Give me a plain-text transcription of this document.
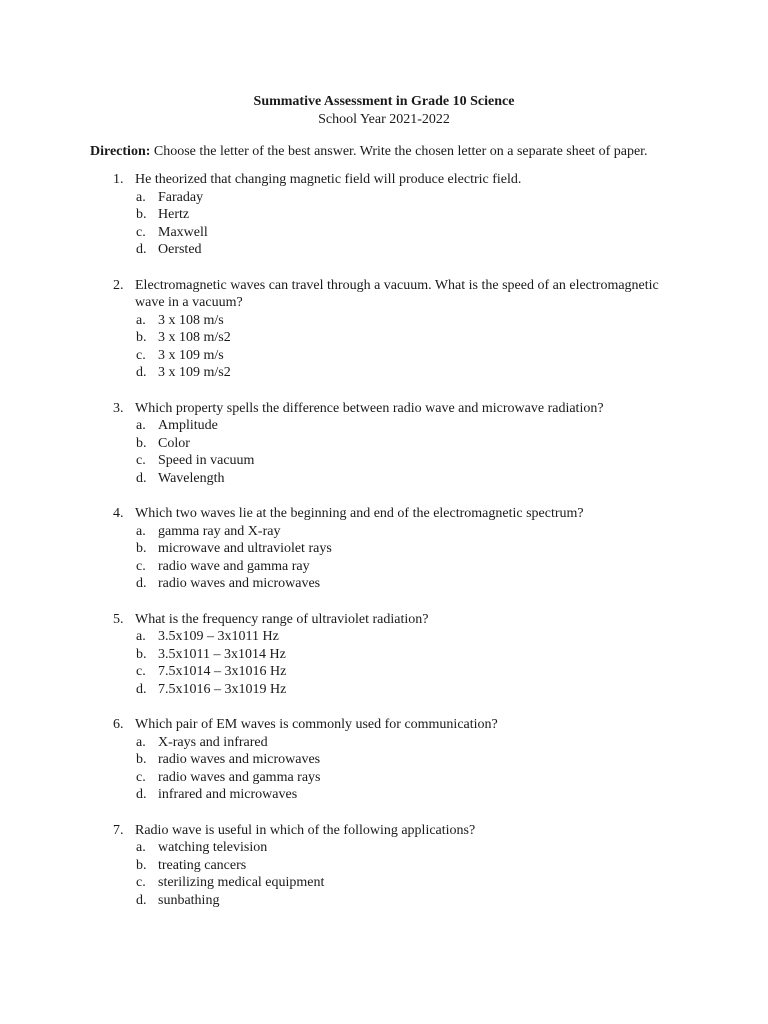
Summative Assessment in Grade 10 Science
School Year 2021-2022
Direction: Choose the letter of the best answer. Write the chosen letter on a separate sheet of paper.
1. He theorized that changing magnetic field will produce electric field.
a. Faraday
b. Hertz
c. Maxwell
d. Oersted
2. Electromagnetic waves can travel through a vacuum. What is the speed of an electromagnetic wave in a vacuum?
a. 3 x 108 m/s
b. 3 x 108 m/s2
c. 3 x 109 m/s
d. 3 x 109 m/s2
3. Which property spells the difference between radio wave and microwave radiation?
a. Amplitude
b. Color
c. Speed in vacuum
d. Wavelength
4. Which two waves lie at the beginning and end of the electromagnetic spectrum?
a. gamma ray and X-ray
b. microwave and ultraviolet rays
c. radio wave and gamma ray
d. radio waves and microwaves
5. What is the frequency range of ultraviolet radiation?
a. 3.5x109 – 3x1011 Hz
b. 3.5x1011 – 3x1014 Hz
c. 7.5x1014 – 3x1016 Hz
d. 7.5x1016 – 3x1019 Hz
6. Which pair of EM waves is commonly used for communication?
a. X-rays and infrared
b. radio waves and microwaves
c. radio waves and gamma rays
d. infrared and microwaves
7. Radio wave is useful in which of the following applications?
a. watching television
b. treating cancers
c. sterilizing medical equipment
d. sunbathing
